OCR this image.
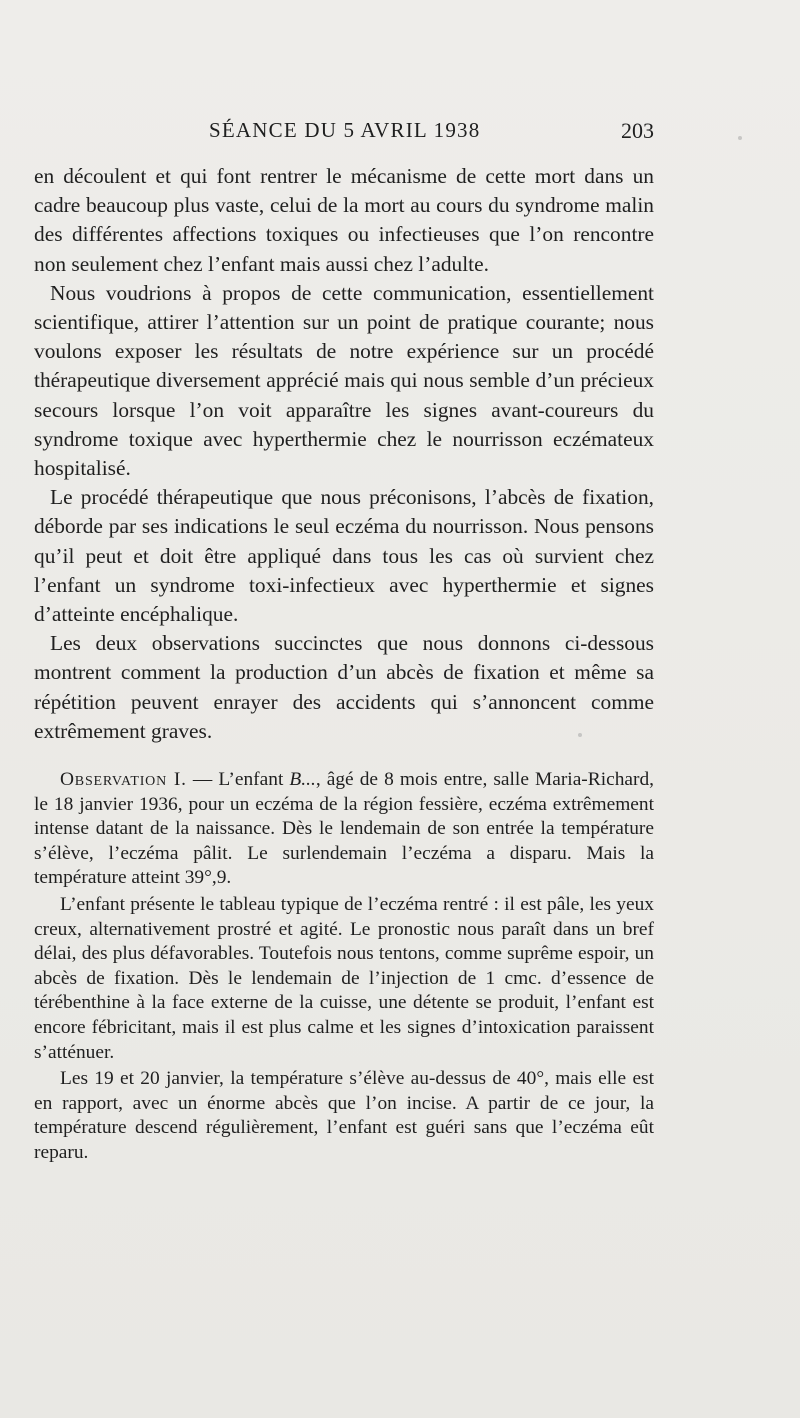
SÉANCE DU 5 AVRIL 1938	203

en découlent et qui font rentrer le mécanisme de cette mort dans un cadre beaucoup plus vaste, celui de la mort au cours du syndrome malin des différentes affections toxiques ou infectieuses que l’on rencontre non seulement chez l’enfant mais aussi chez l’adulte.

Nous voudrions à propos de cette communication, essentiellement scientifique, attirer l’attention sur un point de pratique courante; nous voulons exposer les résultats de notre expérience sur un procédé thérapeutique diversement apprécié mais qui nous semble d’un précieux secours lorsque l’on voit apparaître les signes avant-coureurs du syndrome toxique avec hyperthermie chez le nourrisson eczémateux hospitalisé.

Le procédé thérapeutique que nous préconisons, l’abcès de fixation, déborde par ses indications le seul eczéma du nourrisson. Nous pensons qu’il peut et doit être appliqué dans tous les cas où survient chez l’enfant un syndrome toxi-infectieux avec hyperthermie et signes d’atteinte encéphalique.

Les deux observations succinctes que nous donnons ci-dessous montrent comment la production d’un abcès de fixation et même sa répétition peuvent enrayer des accidents qui s’annoncent comme extrêmement graves.

Observation I. — L’enfant B..., âgé de 8 mois entre, salle Maria-Richard, le 18 janvier 1936, pour un eczéma de la région fessière, eczéma extrêmement intense datant de la naissance. Dès le lendemain de son entrée la température s’élève, l’eczéma pâlit. Le surlendemain l’eczéma a disparu. Mais la température atteint 39°,9.

L’enfant présente le tableau typique de l’eczéma rentré : il est pâle, les yeux creux, alternativement prostré et agité. Le pronostic nous paraît dans un bref délai, des plus défavorables. Toutefois nous tentons, comme suprême espoir, un abcès de fixation. Dès le lendemain de l’injection de 1 cmc. d’essence de térébenthine à la face externe de la cuisse, une détente se produit, l’enfant est encore fébricitant, mais il est plus calme et les signes d’intoxication paraissent s’atténuer.

Les 19 et 20 janvier, la température s’élève au-dessus de 40°, mais elle est en rapport, avec un énorme abcès que l’on incise. A partir de ce jour, la température descend régulièrement, l’enfant est guéri sans que l’eczéma eût reparu.
